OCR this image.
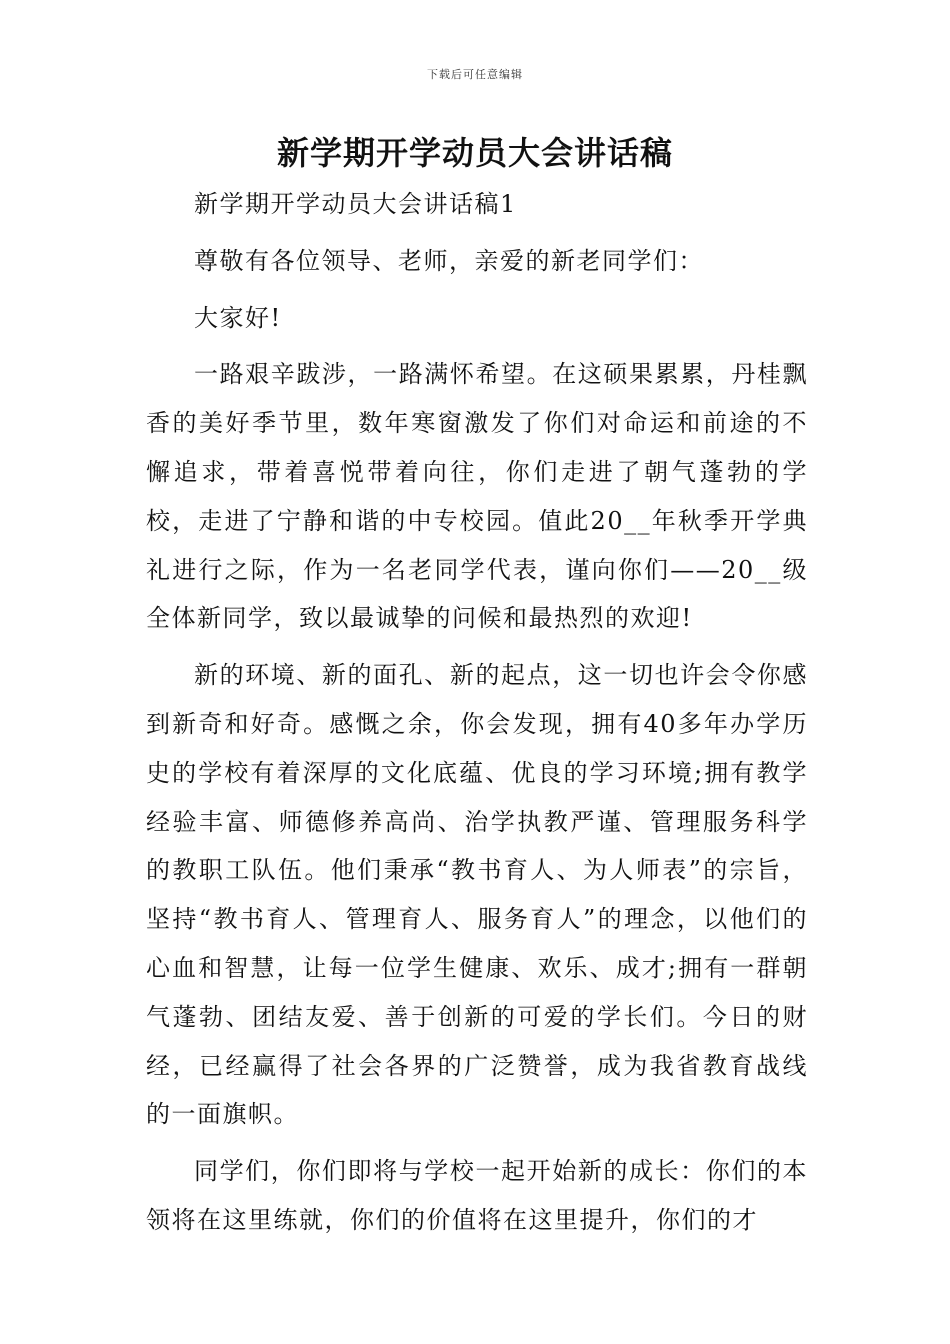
下载后可任意编辑
新学期开学动员大会讲话稿

新学期开学动员大会讲话稿1

尊敬有各位领导、老师，亲爱的新老同学们：

大家好!

一路艰辛跋涉，一路满怀希望。在这硕果累累，丹桂飘香的美好季节里，数年寒窗激发了你们对命运和前途的不懈追求，带着喜悦带着向往，你们走进了朝气蓬勃的学校，走进了宁静和谐的中专校园。值此20__年秋季开学典礼进行之际，作为一名老同学代表，谨向你们——20__级全体新同学，致以最诚挚的问候和最热烈的欢迎!

新的环境、新的面孔、新的起点，这一切也许会令你感到新奇和好奇。感慨之余，你会发现，拥有40多年办学历史的学校有着深厚的文化底蕴、优良的学习环境;拥有教学经验丰富、师德修养高尚、治学执教严谨、管理服务科学的教职工队伍。他们秉承“教书育人、为人师表”的宗旨，坚持“教书育人、管理育人、服务育人”的理念，以他们的心血和智慧，让每一位学生健康、欢乐、成才;拥有一群朝气蓬勃、团结友爱、善于创新的可爱的学长们。今日的财经，已经赢得了社会各界的广泛赞誉，成为我省教育战线的一面旗帜。

同学们，你们即将与学校一起开始新的成长：你们的本领将在这里练就，你们的价值将在这里提升，你们的才
